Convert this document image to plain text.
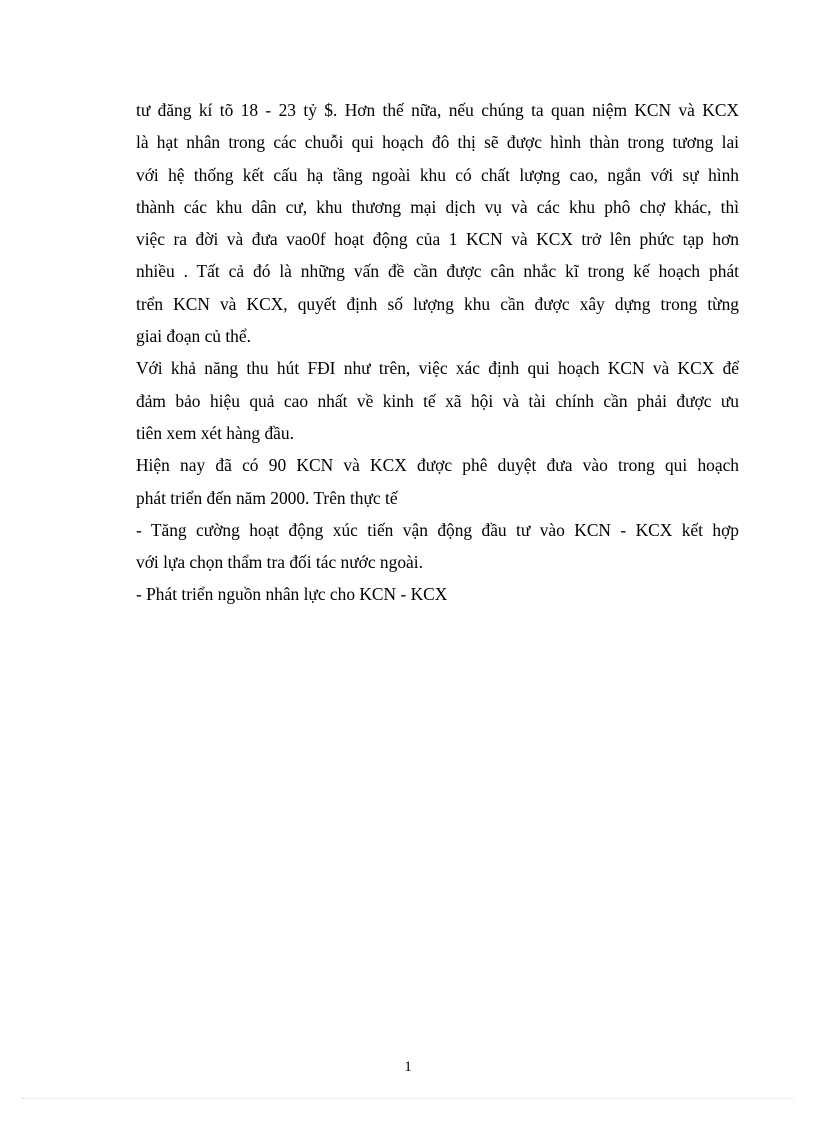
tư đăng kí tõ 18 - 23 tỷ $. Hơn thế nữa, nếu chúng ta quan niệm KCN và KCX
là hạt nhân trong các chuỗi qui hoạch đô thị sẽ được hình thàn trong tương lai
với hệ thống kết cấu hạ tầng ngoài khu có chất lượng cao, ngắn với sự hình
thành các khu dân cư, khu thương mại dịch vụ và các khu phô chợ khác, thì
việc ra đời và đưa vao0f hoạt động của 1 KCN và KCX trở lên phức tạp hơn
nhiều . Tất cả đó là những vấn đề cần được cân nhắc kĩ trong kế hoạch phát
trển KCN và KCX, quyết định số lượng khu cần được xây dựng trong từng
giai đoạn củ thể.
Với khả năng thu hút FĐI như trên, việc xác định qui hoạch KCN và KCX để
đảm bảo hiệu quả cao nhất về kinh tế xã hội và tài chính cần phải được ưu
tiên xem xét hàng đầu.
Hiện nay đã có 90 KCN và KCX được phê duyệt đưa vào trong qui hoạch
phát triển đến năm 2000. Trên thực tế
- Tăng cường hoạt động xúc tiến vận động đầu tư vào KCN - KCX kết hợp
với lựa chọn thẩm tra đối tác nước ngoài.
- Phát triển nguồn nhân lực cho KCN - KCX
1
